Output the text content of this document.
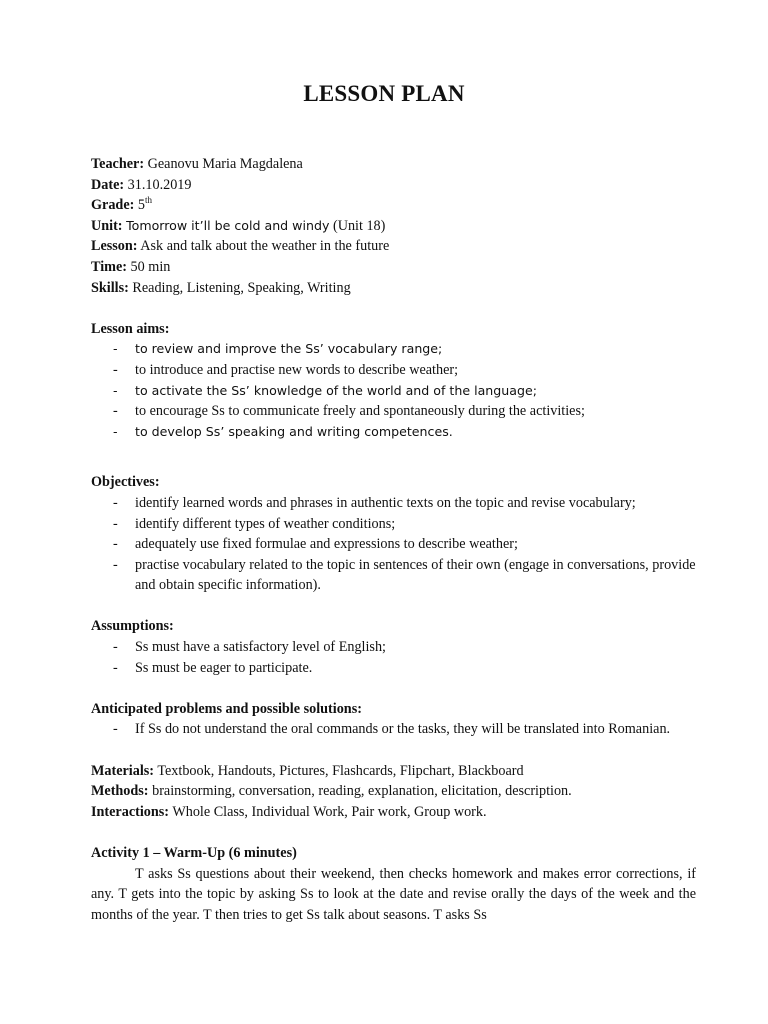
LESSON PLAN

Teacher: Geanovu Maria Magdalena

Date: 31.10.2019

Grade: 5th

Unit: Tomorrow it’ll be cold and windy (Unit 18)

Lesson: Ask and talk about the weather in the future

Time: 50 min

Skills: Reading, Listening, Speaking, Writing

Lesson aims:

- to review and improve the Ss’ vocabulary range;
- to introduce and practise new words to describe weather;
- to activate the Ss’ knowledge of the world and of the language;
- to encourage Ss to communicate freely and spontaneously during the activities;
- to develop Ss’ speaking and writing competences.

Objectives:

- identify learned words and phrases in authentic texts on the topic and revise vocabulary;
- identify different types of weather conditions;
- adequately use fixed formulae and expressions to describe weather;
- practise vocabulary related to the topic in sentences of their own (engage in conversations, provide and obtain specific information).

Assumptions:

- Ss must have a satisfactory level of English;
- Ss must be eager to participate.

Anticipated problems and possible solutions:

- If Ss do not understand the oral commands or the tasks, they will be translated into Romanian.

Materials: Textbook, Handouts, Pictures, Flashcards, Flipchart, Blackboard

Methods: brainstorming, conversation, reading, explanation, elicitation, description.

Interactions: Whole Class, Individual Work, Pair work, Group work.

Activity 1 – Warm-Up (6 minutes)

T asks Ss questions about their weekend, then checks homework and makes error corrections, if any. T gets into the topic by asking Ss to look at the date and revise orally the days of the week and the months of the year. T then tries to get Ss talk about seasons. T asks Ss
